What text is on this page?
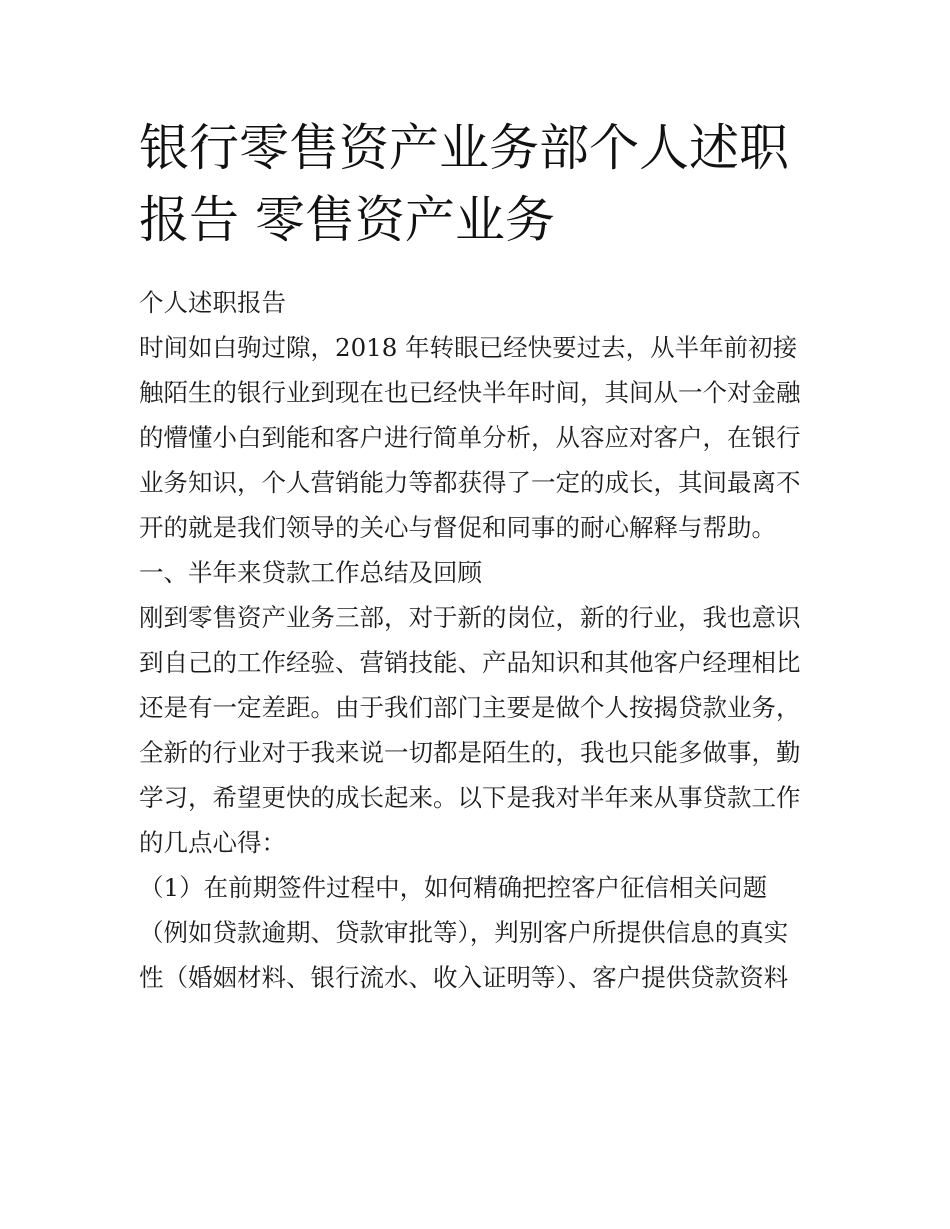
银行零售资产业务部个人述职
报告 零售资产业务
个人述职报告
时间如白驹过隙，2018 年转眼已经快要过去，从半年前初接
触陌生的银行业到现在也已经快半年时间，其间从一个对金融
的懵懂小白到能和客户进行简单分析，从容应对客户，在银行
业务知识，个人营销能力等都获得了一定的成长，其间最离不
开的就是我们领导的关心与督促和同事的耐心解释与帮助。
一、半年来贷款工作总结及回顾
刚到零售资产业务三部，对于新的岗位，新的行业，我也意识
到自己的工作经验、营销技能、产品知识和其他客户经理相比
还是有一定差距。由于我们部门主要是做个人按揭贷款业务，
全新的行业对于我来说一切都是陌生的，我也只能多做事，勤
学习，希望更快的成长起来。以下是我对半年来从事贷款工作
的几点心得：
（1）在前期签件过程中，如何精确把控客户征信相关问题
（例如贷款逾期、贷款审批等），判别客户所提供信息的真实
性（婚姻材料、银行流水、收入证明等）、客户提供贷款资料
